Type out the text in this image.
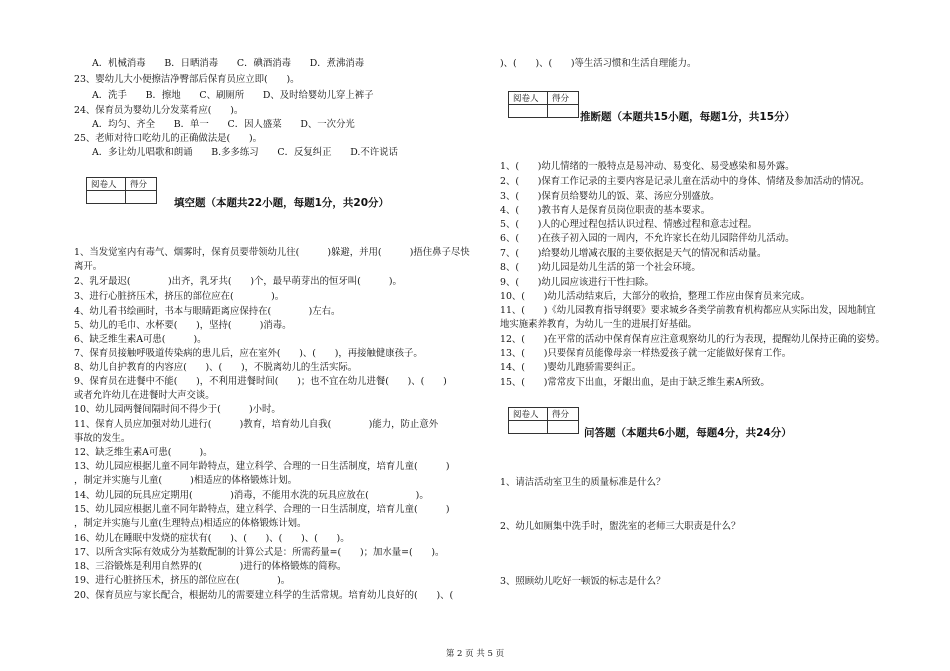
A．机械消毒　　B．日晒消毒　　C．碘酒消毒　　D．煮沸消毒
23、婴幼儿大小便擦洁净臀部后保育员应立即(　　)。
A．洗手　　B．擦地　　C、刷厕所　　D、及时给婴幼儿穿上裤子
24、保育员为婴幼儿分发菜肴应(　　)。
A．均匀、齐全　　B．单一　　C．因人盛菜　　D、一次分光
25、老师对待口吃幼儿的正确做法是(　　)。
A．多让幼儿唱歌和朗诵　　B.多多练习　　C．反复纠正　　D.不许说话
阅卷人	得分

填空题（本题共22小题，每题1分，共20分）
1、当发觉室内有毒气、烟雾时，保育员要带领幼儿往(　　　)躲避，并用(　　　)捂住鼻子尽快
离开。
2、乳牙最迟(　　　　)出齐，乳牙共(　　)个，最早萌芽出的恒牙叫(　　　)。
3、进行心脏挤压术，挤压的部位应在(　　　　)。
4、幼儿看书绘画时，书本与眼睛距离应保持在(　　　　)左右。
5、幼儿的毛巾、水杯要(　　)，坚持(　　　)消毒。
6、缺乏维生素A可患(　　　)。
7、保育员接触呼吸道传染病的患儿后，应在室外(　　)、(　　)，再接触健康孩子。
8、幼儿自护教育的内容应(　　)、(　　)，不脱离幼儿的生活实际。
9、保育员在进餐中不能(　　)，不利用进餐时间(　　)；也不宜在幼儿进餐(　　)、(　　)
或者允许幼儿在进餐时大声交谈。
10、幼儿园两餐间隔时间不得少于(　　　)小时。
11、保育人员应加强对幼儿进行(　　　)教育，培育幼儿自我(　　　　)能力，防止意外
事故的发生。
12、缺乏维生素A可患(　　　)。
13、幼儿园应根据儿童不同年龄特点，建立科学、合理的一日生活制度，培育儿童(　　　)
，制定并实施与儿童(　　　)相适应的体格锻炼计划。
14、幼儿园的玩具应定期用(　　　　)消毒，不能用水洗的玩具应放在(　　　　　)。
15、幼儿园应根据儿童不同年龄特点，建立科学、合理的一日生活制度，培育儿童(　　　)
，制定并实施与儿童(生理特点)相适应的体格锻炼计划。
16、幼儿在睡眠中发烧的症状有(　　)、(　　)、(　　)、(　　)。
17、以所含实际有效成分为基数配制的计算公式是：所需药量=(　　)；加水量=(　　)。
18、三浴锻炼是利用自然界的(　　　　)进行的体格锻炼的简称。
19、进行心脏挤压术，挤压的部位应在(　　　　)。
20、保育员应与家长配合，根据幼儿的需要建立科学的生活常规。培育幼儿良好的(　　)、(
)、(　　)、(　　)等生活习惯和生活自理能力。
阅卷人	得分

推断题（本题共15小题，每题1分，共15分）
1、(　　)幼儿情绪的一般特点是易冲动、易变化、易受感染和易外露。
2、(　　)保育工作记录的主要内容是记录儿童在活动中的身体、情绪及参加活动的情况。
3、(　　)保育员给婴幼儿的饭、菜、汤应分别盛放。
4、(　　)教书育人是保育员岗位职责的基本要求。
5、(　　)人的心理过程包括认识过程、情感过程和意志过程。
6、(　　)在孩子初入园的一周内，不允许家长在幼儿园陪伴幼儿活动。
7、(　　)给婴幼儿增减衣服的主要依据是天气的情况和活动量。
8、(　　)幼儿园是幼儿生活的第一个社会环境。
9、(　　)幼儿园应该进行干性扫除。
10、(　　)幼儿活动结束后，大部分的收拾，整理工作应由保育员来完成。
11、(　　)《幼儿园教育指导纲要》要求城乡各类学前教育机构都应从实际出发，因地制宜
地实施素养教育，为幼儿一生的进展打好基础。
12、(　　)在平常的活动中保育保育应注意观察幼儿的行为表现，提醒幼儿保持正确的姿势。
13、(　　)只要保育员能像母亲一样热爱孩子就一定能做好保育工作。
14、(　　)婴幼儿跑骄需要纠正。
15、(　　)常常皮下出血，牙龈出血，是由于缺乏维生素A所致。
阅卷人	得分

问答题（本题共6小题，每题4分，共24分）
1、请洁活动室卫生的质量标准是什么？
2、幼儿如厕集中洗手时，盥洗室的老师三大职责是什么？
3、照顾幼儿吃好一顿饭的标志是什么？
第 2 页 共 5 页
